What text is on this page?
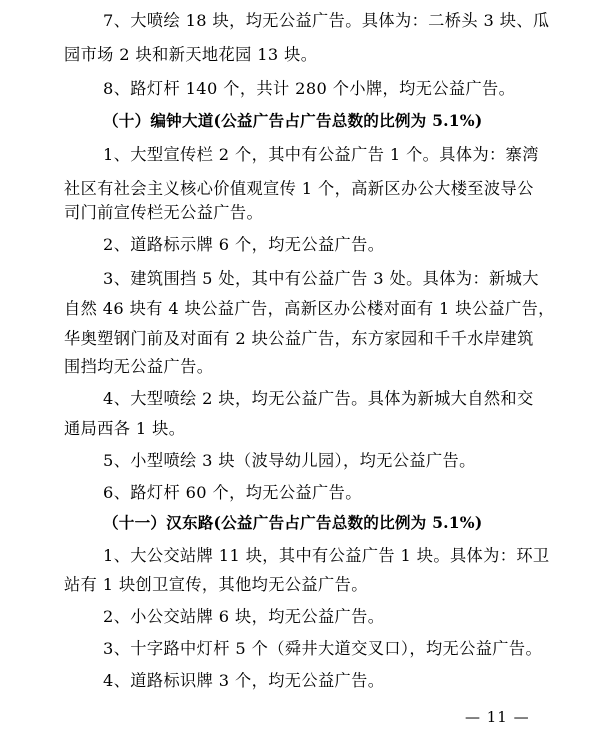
7、大喷绘 18 块，均无公益广告。具体为：二桥头 3 块、瓜
园市场 2 块和新天地花园 13 块。
8、路灯杆 140 个，共计 280 个小牌，均无公益广告。
（十）编钟大道(公益广告占广告总数的比例为 5.1%)
1、大型宣传栏 2 个，其中有公益广告 1 个。具体为：寨湾
社区有社会主义核心价值观宣传 1 个，高新区办公大楼至波导公
司门前宣传栏无公益广告。
2、道路标示牌 6 个，均无公益广告。
3、建筑围挡 5 处，其中有公益广告 3 处。具体为：新城大
自然 46 块有 4 块公益广告，高新区办公楼对面有 1 块公益广告，
华奥塑钢门前及对面有 2 块公益广告，东方家园和千千水岸建筑
围挡均无公益广告。
4、大型喷绘 2 块，均无公益广告。具体为新城大自然和交
通局西各 1 块。
5、小型喷绘 3 块（波导幼儿园），均无公益广告。
6、路灯杆 60 个，均无公益广告。
（十一）汉东路(公益广告占广告总数的比例为 5.1%)
1、大公交站牌 11 块，其中有公益广告 1 块。具体为：环卫
站有 1 块创卫宣传，其他均无公益广告。
2、小公交站牌 6 块，均无公益广告。
3、十字路中灯杆 5 个（舜井大道交叉口），均无公益广告。
4、道路标识牌 3 个，均无公益广告。
— 11 —
